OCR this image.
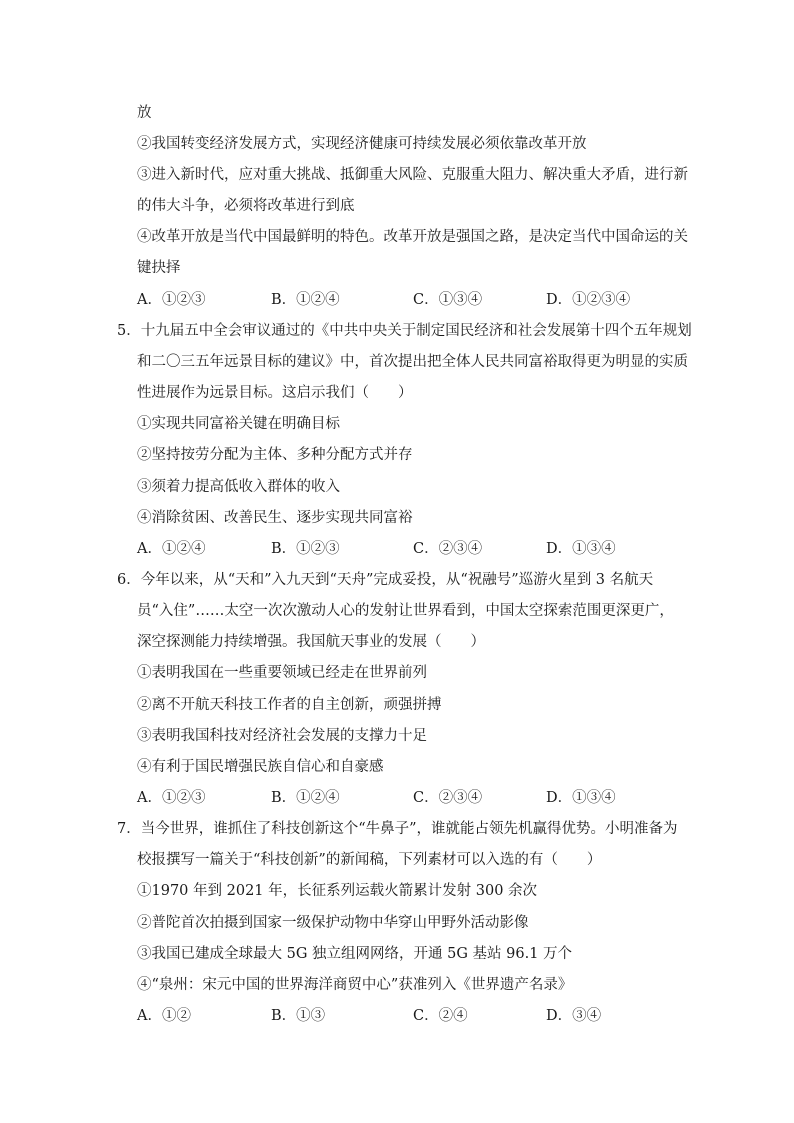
放
②我国转变经济发展方式，实现经济健康可持续发展必须依靠改革开放
③进入新时代，应对重大挑战、抵御重大风险、克服重大阻力、解决重大矛盾，进行新
的伟大斗争，必须将改革进行到底
④改革开放是当代中国最鲜明的特色。改革开放是强国之路，是决定当代中国命运的关
键抉择
A．①②③	B．①②④	C．①③④	D．①②③④
5．十九届五中全会审议通过的《中共中央关于制定国民经济和社会发展第十四个五年规划
和二〇三五年远景目标的建议》中，首次提出把全体人民共同富裕取得更为明显的实质
性进展作为远景目标。这启示我们（　　）
①实现共同富裕关键在明确目标
②坚持按劳分配为主体、多种分配方式并存
③须着力提高低收入群体的收入
④消除贫困、改善民生、逐步实现共同富裕
A．①②④	B．①②③	C．②③④	D．①③④
6．今年以来，从“天和”入九天到“天舟”完成妥投，从“祝融号”巡游火星到 3 名航天
员“入住”……太空一次次激动人心的发射让世界看到，中国太空探索范围更深更广，
深空探测能力持续增强。我国航天事业的发展（　　）
①表明我国在一些重要领域已经走在世界前列
②离不开航天科技工作者的自主创新，顽强拼搏
③表明我国科技对经济社会发展的支撑力十足
④有利于国民增强民族自信心和自豪感
A．①②③	B．①②④	C．②③④	D．①③④
7．当今世界，谁抓住了科技创新这个“牛鼻子”，谁就能占领先机赢得优势。小明准备为
校报撰写一篇关于“科技创新”的新闻稿，下列素材可以入选的有（　　）
①1970 年到 2021 年，长征系列运载火箭累计发射 300 余次
②普陀首次拍摄到国家一级保护动物中华穿山甲野外活动影像
③我国已建成全球最大 5G 独立组网网络，开通 5G 基站 96.1 万个
④“泉州：宋元中国的世界海洋商贸中心”获准列入《世界遗产名录》
A．①②	B．①③	C．②④	D．③④
